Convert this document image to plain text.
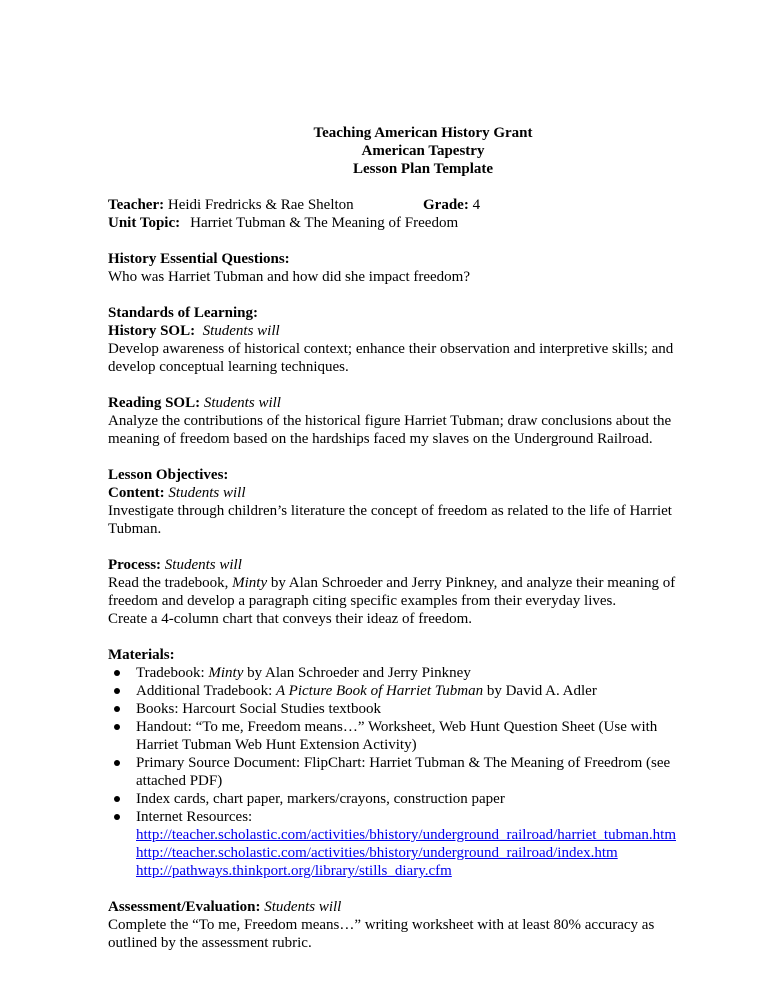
Teaching American History Grant
American Tapestry
Lesson Plan Template
Teacher: Heidi Fredricks & Rae Shelton	Grade: 4
Unit Topic: Harriet Tubman & The Meaning of Freedom
History Essential Questions:
Who was Harriet Tubman and how did she impact freedom?
Standards of Learning:
History SOL: Students will
Develop awareness of historical context; enhance their observation and interpretive skills; and
develop conceptual learning techniques.
Reading SOL: Students will
Analyze the contributions of the historical figure Harriet Tubman; draw conclusions about the
meaning of freedom based on the hardships faced my slaves on the Underground Railroad.
Lesson Objectives:
Content: Students will
Investigate through children’s literature the concept of freedom as related to the life of Harriet
Tubman.
Process: Students will
Read the tradebook, Minty by Alan Schroeder and Jerry Pinkney, and analyze their meaning of
freedom and develop a paragraph citing specific examples from their everyday lives.
Create a 4-column chart that conveys their ideaz of freedom.
Materials:
Tradebook: Minty by Alan Schroeder and Jerry Pinkney
Additional Tradebook: A Picture Book of Harriet Tubman by David A. Adler
Books: Harcourt Social Studies textbook
Handout: “To me, Freedom means…” Worksheet, Web Hunt Question Sheet (Use with
Harriet Tubman Web Hunt Extension Activity)
Primary Source Document: FlipChart: Harriet Tubman & The Meaning of Freedrom (see
attached PDF)
Index cards, chart paper, markers/crayons, construction paper
Internet Resources:
http://teacher.scholastic.com/activities/bhistory/underground_railroad/harriet_tubman.htm
http://teacher.scholastic.com/activities/bhistory/underground_railroad/index.htm
http://pathways.thinkport.org/library/stills_diary.cfm
Assessment/Evaluation: Students will
Complete the “To me, Freedom means…” writing worksheet with at least 80% accuracy as
outlined by the assessment rubric.
